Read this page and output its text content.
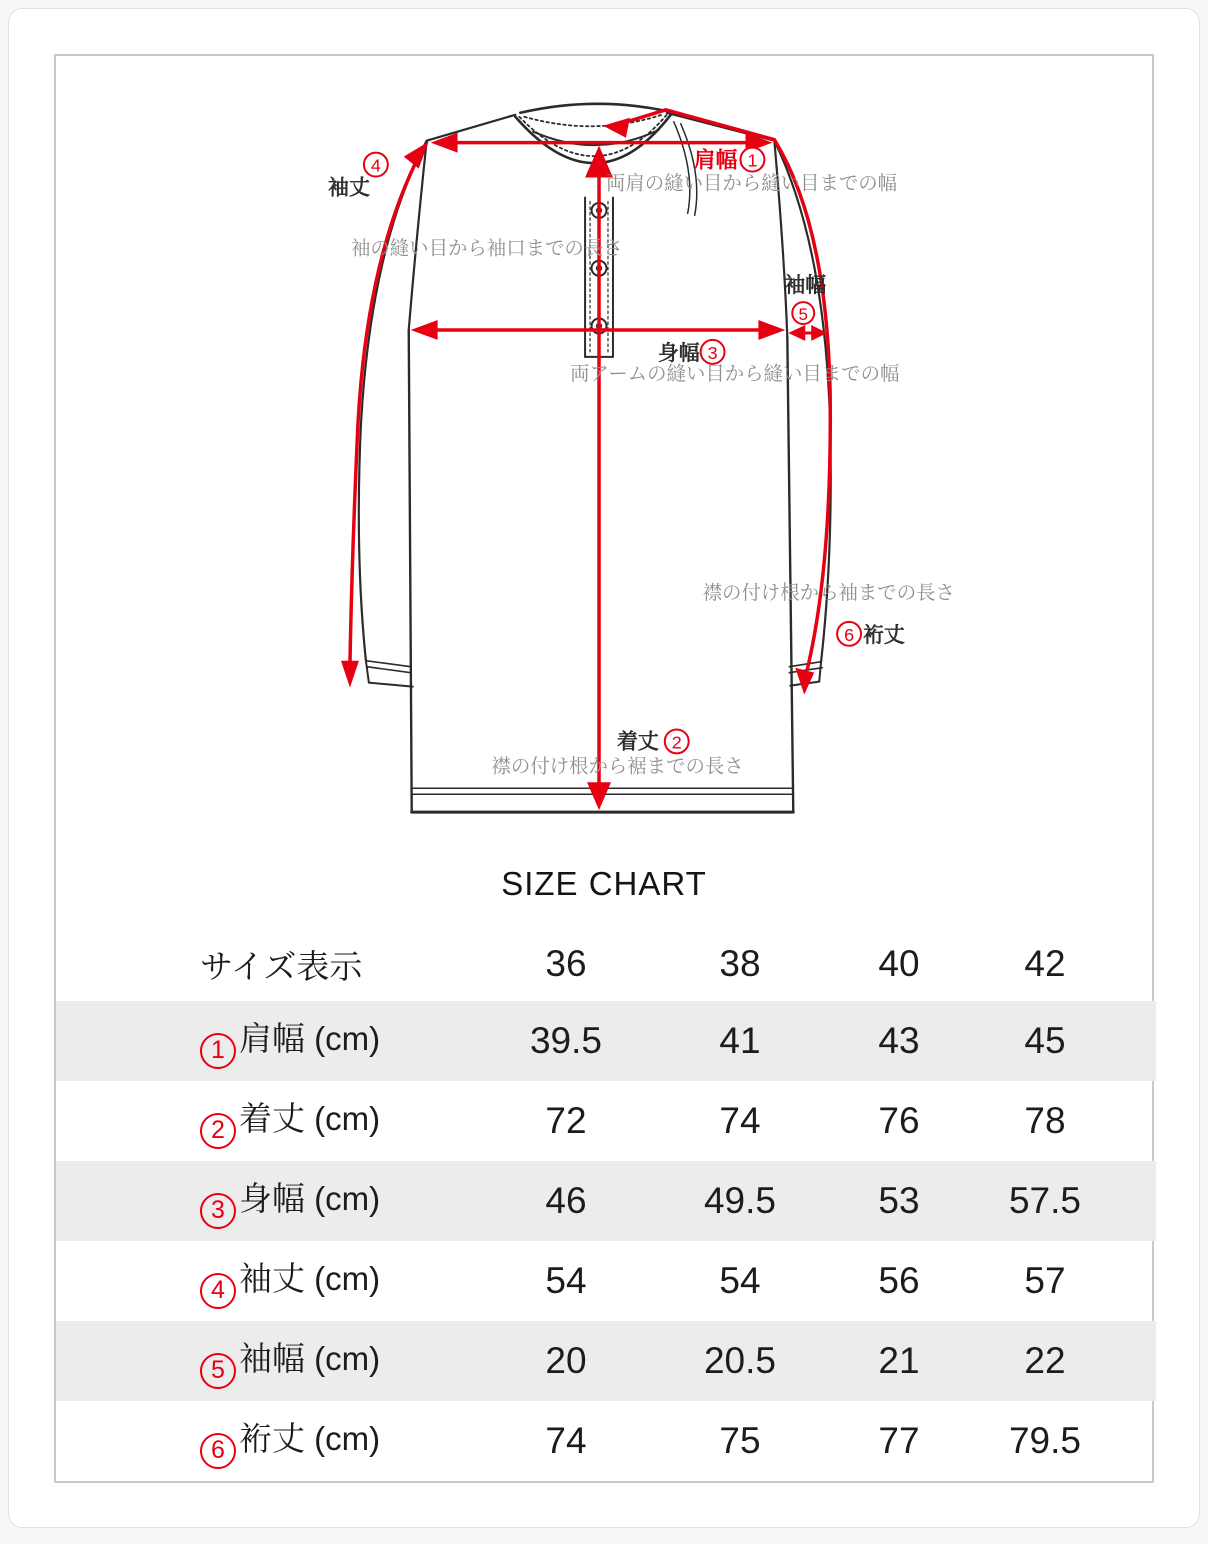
肩幅 1
両肩の縫い目から縫い目までの幅
4
袖丈
袖の縫い目から袖口までの長さ
身幅 3
両アームの縫い目から縫い目までの幅
袖幅
5
襟の付け根から袖までの長さ
6 裄丈
着丈 2
襟の付け根から裾までの長さ
SIZE CHART
サイズ表示	36	38	40	42	
1 肩幅 (cm)	39.5	41	43	45	
2 着丈 (cm)	72	74	76	78	
3 身幅 (cm)	46	49.5	53	57.5	
4 袖丈 (cm)	54	54	56	57	
5 袖幅 (cm)	20	20.5	21	22	
6 裄丈 (cm)	74	75	77	79.5	
